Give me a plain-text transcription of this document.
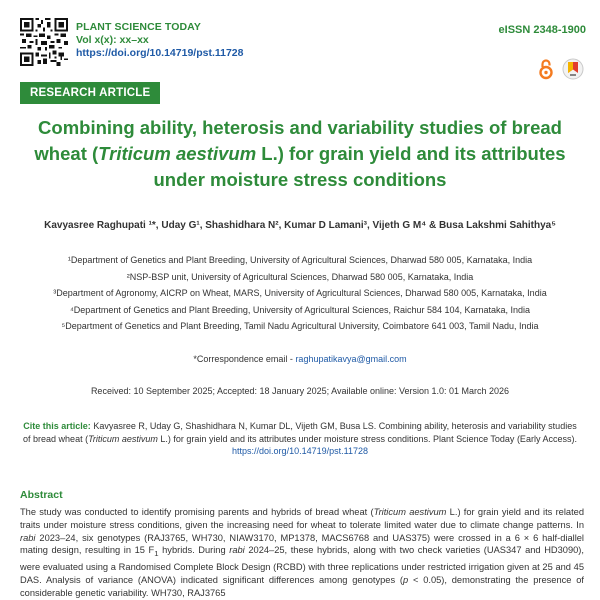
PLANT SCIENCE TODAY
Vol x(x): xx–xx
https://doi.org/10.14719/pst.11728
eISSN 2348-1900
RESEARCH ARTICLE
Combining ability, heterosis and variability studies of bread wheat (Triticum aestivum L.) for grain yield and its attributes under moisture stress conditions
Kavyasree Raghupati ¹*, Uday G¹, Shashidhara N², Kumar D Lamani³, Vijeth G M⁴ & Busa Lakshmi Sahithya⁵
¹Department of Genetics and Plant Breeding, University of Agricultural Sciences, Dharwad 580 005, Karnataka, India
²NSP-BSP unit, University of Agricultural Sciences, Dharwad 580 005, Karnataka, India
³Department of Agronomy, AICRP on Wheat, MARS, University of Agricultural Sciences, Dharwad 580 005, Karnataka, India
⁴Department of Genetics and Plant Breeding, University of Agricultural Sciences, Raichur 584 104, Karnataka, India
⁵Department of Genetics and Plant Breeding, Tamil Nadu Agricultural University, Coimbatore 641 003, Tamil Nadu, India
*Correspondence email - raghupatikavya@gmail.com
Received: 10 September 2025; Accepted: 18 January 2025; Available online: Version 1.0: 01 March 2026
Cite this article: Kavyasree R, Uday G, Shashidhara N, Kumar DL, Vijeth GM, Busa LS. Combining ability, heterosis and variability studies of bread wheat (Triticum aestivum L.) for grain yield and its attributes under moisture stress conditions. Plant Science Today (Early Access).
https://doi.org/10.14719/pst.11728
Abstract
The study was conducted to identify promising parents and hybrids of bread wheat (Triticum aestivum L.) for grain yield and its related traits under moisture stress conditions, given the increasing need for wheat to tolerate limited water due to climate change patterns. In rabi 2023–24, six genotypes (RAJ3765, WH730, NIAW3170, MP1378, MACS6768 and UAS375) were crossed in a 6 × 6 half-diallel mating design, resulting in 15 $F_1$ hybrids. During rabi 2024–25, these hybrids, along with two check varieties (UAS347 and HD3090), were evaluated using a Randomised Complete Block Design (RCBD) with three replications under restricted irrigation given at 25 and 45 DAS. Analysis of variance (ANOVA) indicated significant differences among genotypes (p < 0.05), demonstrating the presence of considerable genetic variability. WH730, RAJ3765
